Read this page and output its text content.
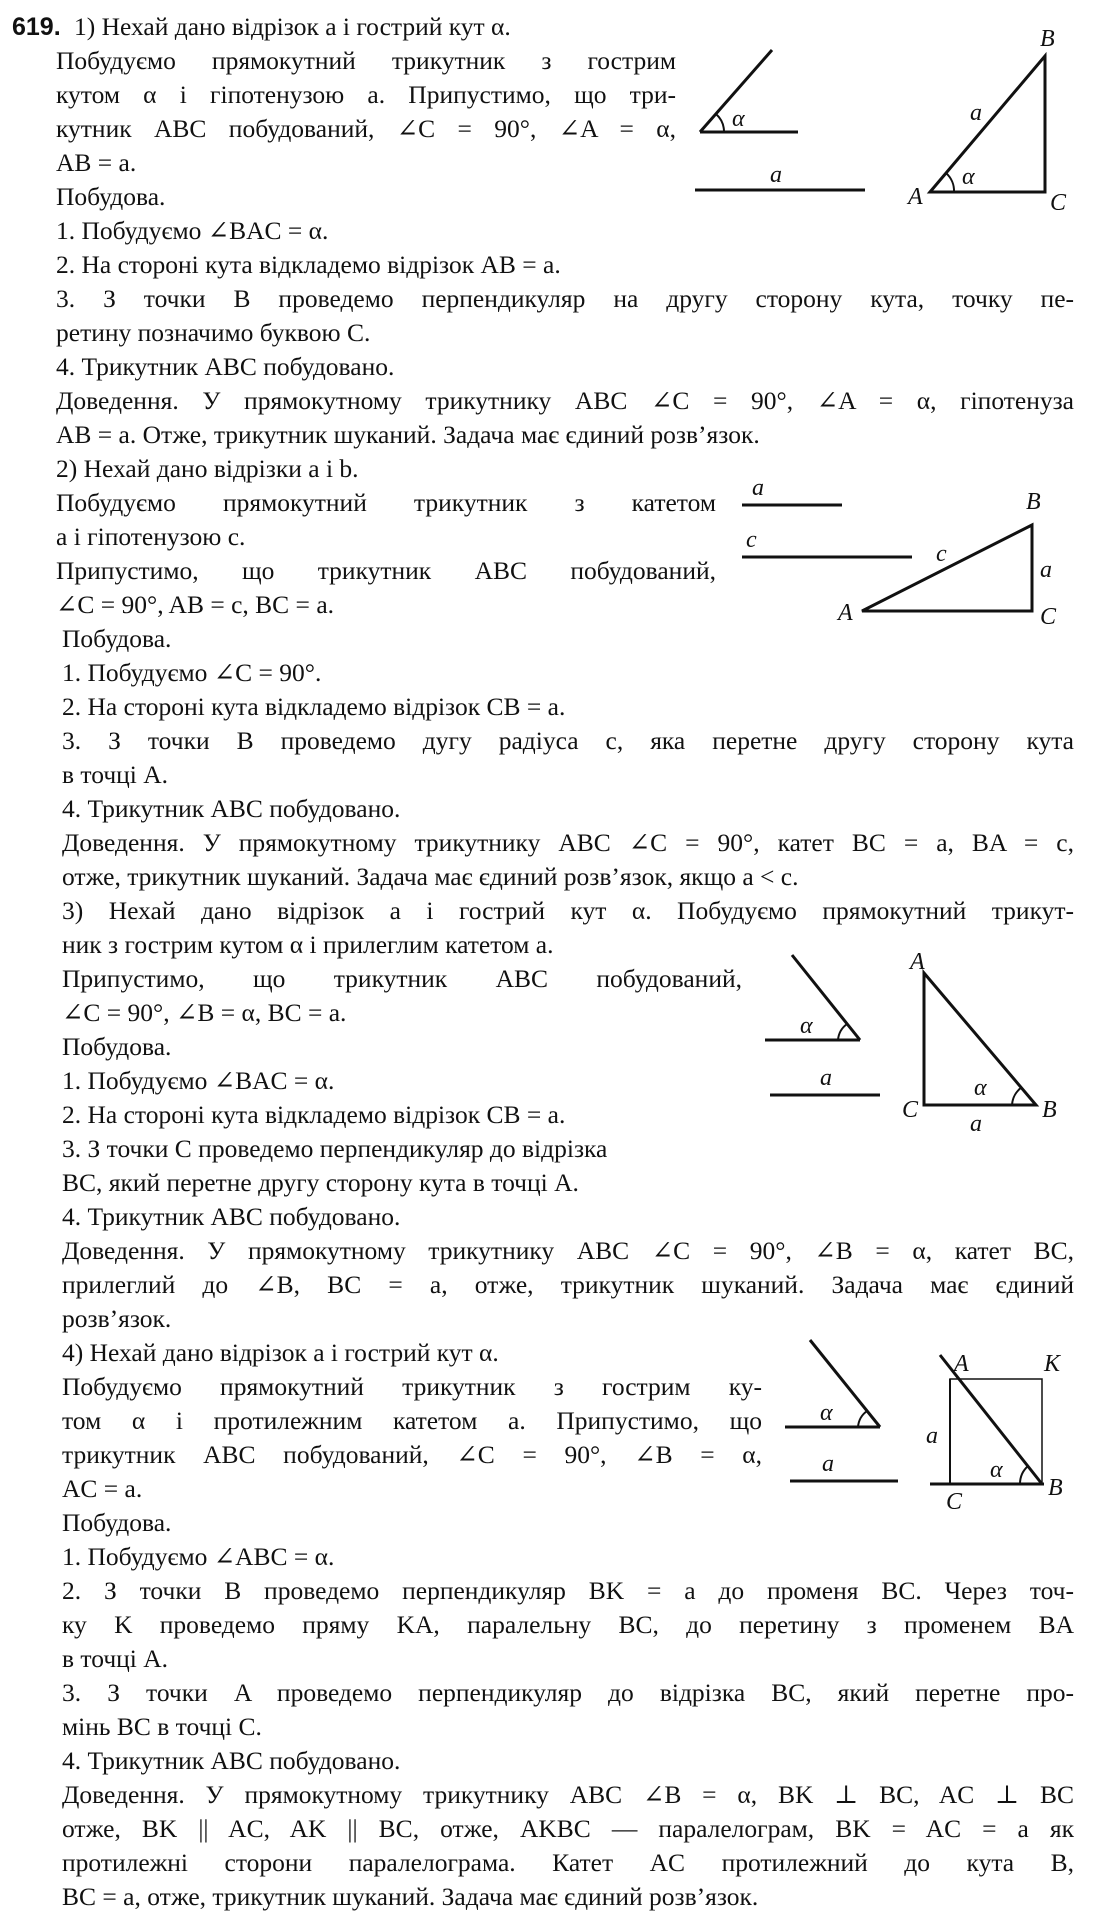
619. 1) Нехай дано відрізок a і гострий кут α.
Побудуємо прямокутний трикутник з гострим
кутом α і гіпотенузою a. Припустимо, що три-
кутник ABC побудований, ∠C = 90°, ∠A = α,
AB = a.
Побудова.
1. Побудуємо ∠BAC = α.
2. На стороні кута відкладемо відрізок AB = a.
3. З точки B проведемо перпендикуляр на другу сторону кута, точку пе-
ретину позначимо буквою C.
4. Трикутник ABC побудовано.
Доведення. У прямокутному трикутнику ABC ∠C = 90°, ∠A = α, гіпотенуза
AB = a. Отже, трикутник шуканий. Задача має єдиний розв’язок.
2) Нехай дано відрізки a і b.
Побудуємо прямокутний трикутник з катетом
a і гіпотенузою c.
Припустимо, що трикутник ABC побудований,
∠C = 90°, AB = c, BC = a.
Побудова.
1. Побудуємо ∠C = 90°.
2. На стороні кута відкладемо відрізок CB = a.
3. З точки B проведемо дугу радіуса c, яка перетне другу сторону кута
в точці A.
4. Трикутник ABC побудовано.
Доведення. У прямокутному трикутнику ABC ∠C = 90°, катет BC = a, BA = c,
отже, трикутник шуканий. Задача має єдиний розв’язок, якщо a < c.
3) Нехай дано відрізок a і гострий кут α. Побудуємо прямокутний трикут-
ник з гострим кутом α і прилеглим катетом a.
Припустимо, що трикутник ABC побудований,
∠C = 90°, ∠B = α, BC = a.
Побудова.
1. Побудуємо ∠BAC = α.
2. На стороні кута відкладемо відрізок CB = a.
3. З точки C проведемо перпендикуляр до відрізка
BC, який перетне другу сторону кута в точці A.
4. Трикутник ABC побудовано.
Доведення. У прямокутному трикутнику ABC ∠C = 90°, ∠B = α, катет BC,
прилеглий до ∠B, BC = a, отже, трикутник шуканий. Задача має єдиний
розв’язок.
4) Нехай дано відрізок a і гострий кут α.
Побудуємо прямокутний трикутник з гострим ку-
том α і протилежним катетом a. Припустимо, що
трикутник ABC побудований, ∠C = 90°, ∠B = α,
AC = a.
Побудова.
1. Побудуємо ∠ABC = α.
2. З точки B проведемо перпендикуляр BK = a до променя BC. Через точ-
ку K проведемо пряму KA, паралельну BC, до перетину з променем BA
в точці A.
3. З точки A проведемо перпендикуляр до відрізка BC, який перетне про-
мінь BC в точці C.
4. Трикутник ABC побудовано.
Доведення. У прямокутному трикутнику ABC ∠B = α, BK ⊥ BC, AC ⊥ BC
отже, BK || AC, AK || BC, отже, AKBC — паралелограм, BK = AC = a як
протилежні сторони паралелограма. Катет AC протилежний до кута B,
BC = a, отже, трикутник шуканий. Задача має єдиний розв’язок.
α
a	α
a
A
B
C
a
c
c
a
A
B
C
α
a	α
a
A
B
C
α
a	α
a
A	K
B
C
